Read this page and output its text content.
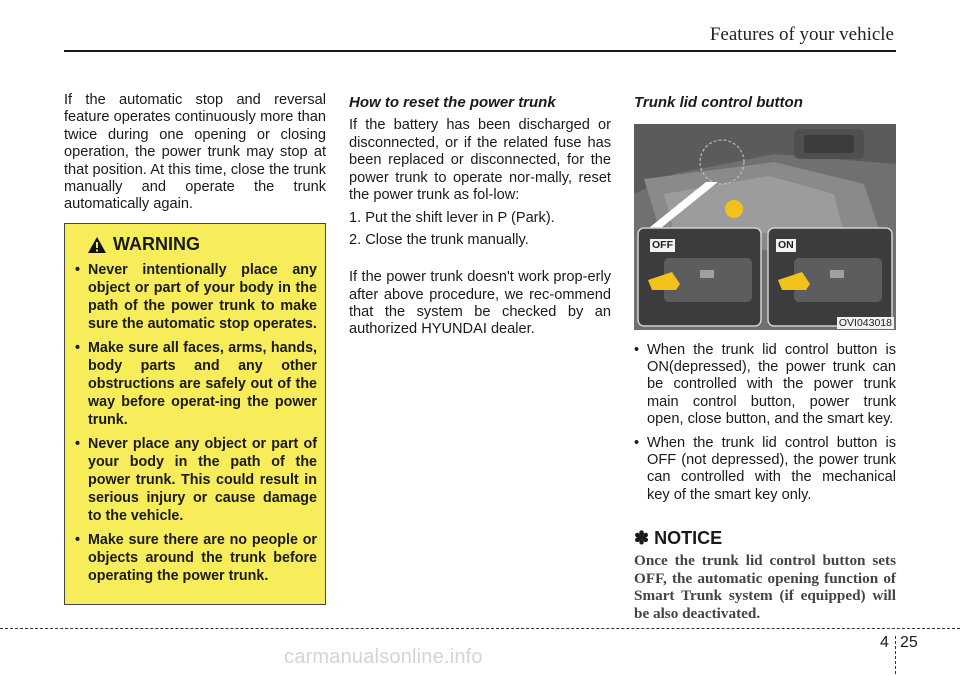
Features of your vehicle

If the automatic stop and reversal feature operates continuously more than twice during one opening or closing operation, the power trunk may stop at that position. At this time, close the trunk manually and operate the trunk automatically again.

WARNING
• Never intentionally place any object or part of your body in the path of the power trunk to make sure the automatic stop operates.
• Make sure all faces, arms, hands, body parts and any other obstructions are safely out of the way before operat-ing the power trunk.
• Never place any object or part of your body in the path of the power trunk. This could result in serious injury or cause damage to the vehicle.
• Make sure there are no people or objects around the trunk before operating the power trunk.
How to reset the power trunk

If the battery has been discharged or disconnected, or if the related fuse has been replaced or disconnected, for the power trunk to operate nor-mally, reset the power trunk as fol-low:

1. Put the shift lever in P (Park).
2. Close the trunk manually.

If the power trunk doesn't work prop-erly after above procedure, we rec-ommend that the system be checked by an authorized HYUNDAI dealer.

Trunk lid control button
OFF	ON
OVI043018
• When the trunk lid control button is ON(depressed), the power trunk can be controlled with the power trunk main control button, power trunk open, close button, and the smart key.
• When the trunk lid control button is OFF (not depressed), the power trunk can controlled with the mechanical key of the smart key only.
✽ NOTICE
Once the trunk lid control button sets OFF, the automatic opening function of Smart Trunk system (if equipped) will be also deactivated.
4 25
carmanualsonline.info
